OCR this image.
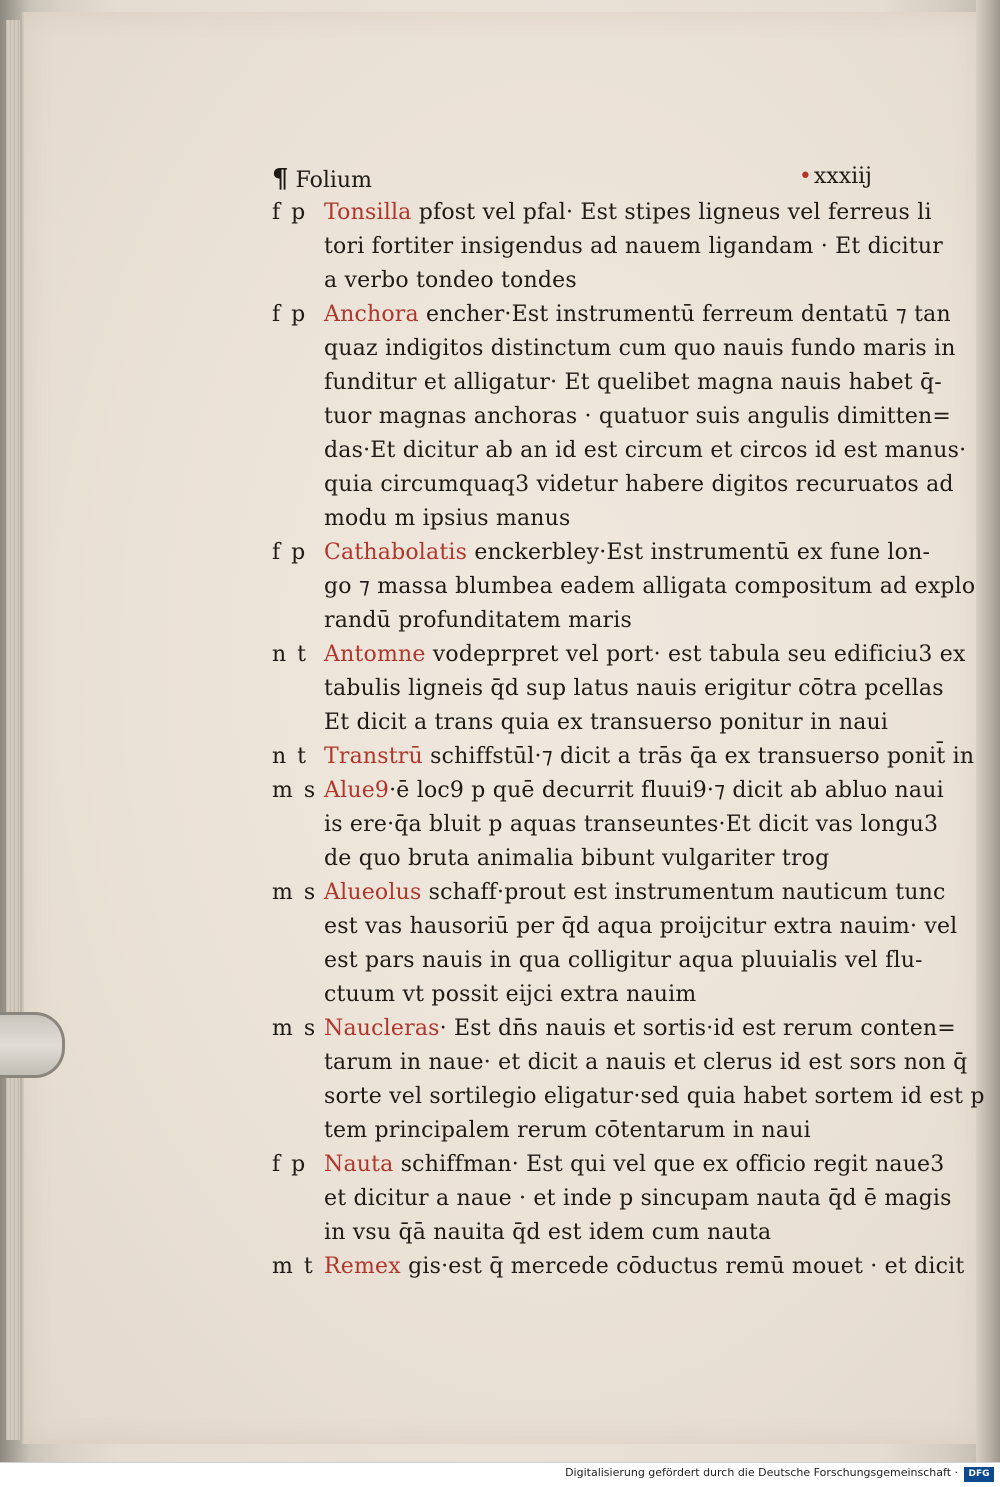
¶ Folium
•	xxxiij
f p Tonsilla pfost vel pfal· Est stipes ligneus vel ferreus li
tori fortiter insigendus ad nauem ligandam · Et dicitur
a verbo tondeo tondes
f p Anchora encher·Est instrumentū ferreum dentatū ⁊ tan
quaz indigitos distinctum cum quo nauis fundo maris in
funditur et alligatur· Et quelibet magna nauis habet q̄-
tuor magnas anchoras · quatuor suis angulis dimitten=
das·Et dicitur ab an id est circum et circos id est manus·
quia circumquaq3 videtur habere digitos recuruatos ad
modu m ipsius manus
f p Cathabolatis enckerbley·Est instrumentū ex fune lon-
go ⁊ massa blumbea eadem alligata compositum ad explo
randū profunditatem maris
n t Antomne vodeprpret vel port· est tabula seu edificiu3 ex
tabulis ligneis q̄d sup latus nauis erigitur cōtra pcellas
Et dicit a trans quia ex transuerso ponitur in naui
n t Transtrū schiffstūl·⁊ dicit a trās q̄a ex transuerso ponit̄ in
m s Alue9·ē loc9 p quē decurrit fluui9·⁊ dicit ab abluo naui
is ere·q̄a bluit p aquas transeuntes·Et dicit vas longu3
de quo bruta animalia bibunt vulgariter trog
m s Alueolus schaff·prout est instrumentum nauticum tunc
est vas hausoriū per q̄d aqua proijcitur extra nauim· vel
est pars nauis in qua colligitur aqua pluuialis vel flu-
ctuum vt possit eijci extra nauim
m s Naucleras· Est dn̄s nauis et sortis·id est rerum conten=
tarum in naue· et dicit a nauis et clerus id est sors non q̄
sorte vel sortilegio eligatur·sed quia habet sortem id est p
tem principalem rerum cōtentarum in naui
f p Nauta schiffman· Est qui vel que ex officio regit naue3
et dicitur a naue · et inde p sincupam nauta q̄d ē magis
in vsu q̄ā nauita q̄d est idem cum nauta
m t Remex gis·est q̄ mercede cōductus remū mouet · et dicit
Digitalisierung gefördert durch die Deutsche Forschungsgemeinschaft ·	DFG
